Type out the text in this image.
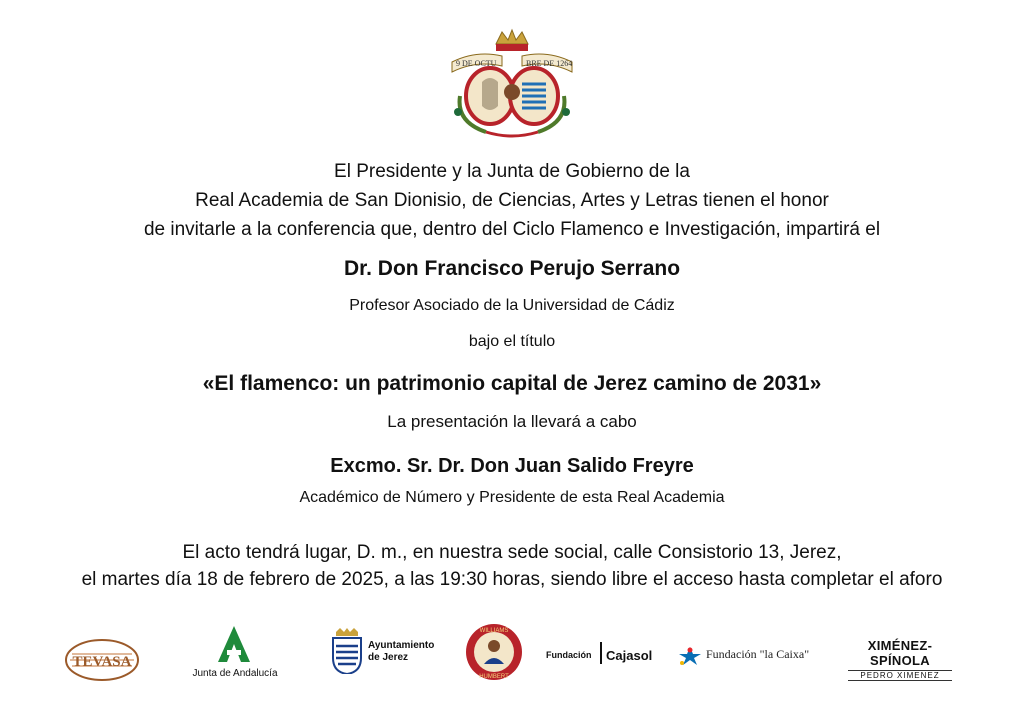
9 DE OCTU	BRE DE 1264
El Presidente y la Junta de Gobierno de la
Real Academia de San Dionisio, de Ciencias, Artes y Letras tienen el honor
de invitarle a la conferencia que, dentro del Ciclo Flamenco e Investigación, impartirá el
Dr. Don Francisco Perujo Serrano
Profesor Asociado de la Universidad de Cádiz
bajo el título
«El flamenco: un patrimonio capital de Jerez camino de 2031»
La presentación la llevará a cabo
Excmo. Sr. Dr. Don Juan Salido Freyre
Académico de Número y Presidente de esta Real Academia
El acto tendrá lugar, D. m., en nuestra sede social, calle Consistorio 13, Jerez,
el martes día 18 de febrero de 2025, a las 19:30 horas, siendo libre el acceso hasta completar el aforo
TEVASA
Junta de Andalucía
Ayuntamiento
de Jerez
WILLIAMS
HUMBERT
Fundación Cajasol	Fundación "la Caixa"
XIMÉNEZ-SPÍNOLA
PEDRO XIMENEZ
